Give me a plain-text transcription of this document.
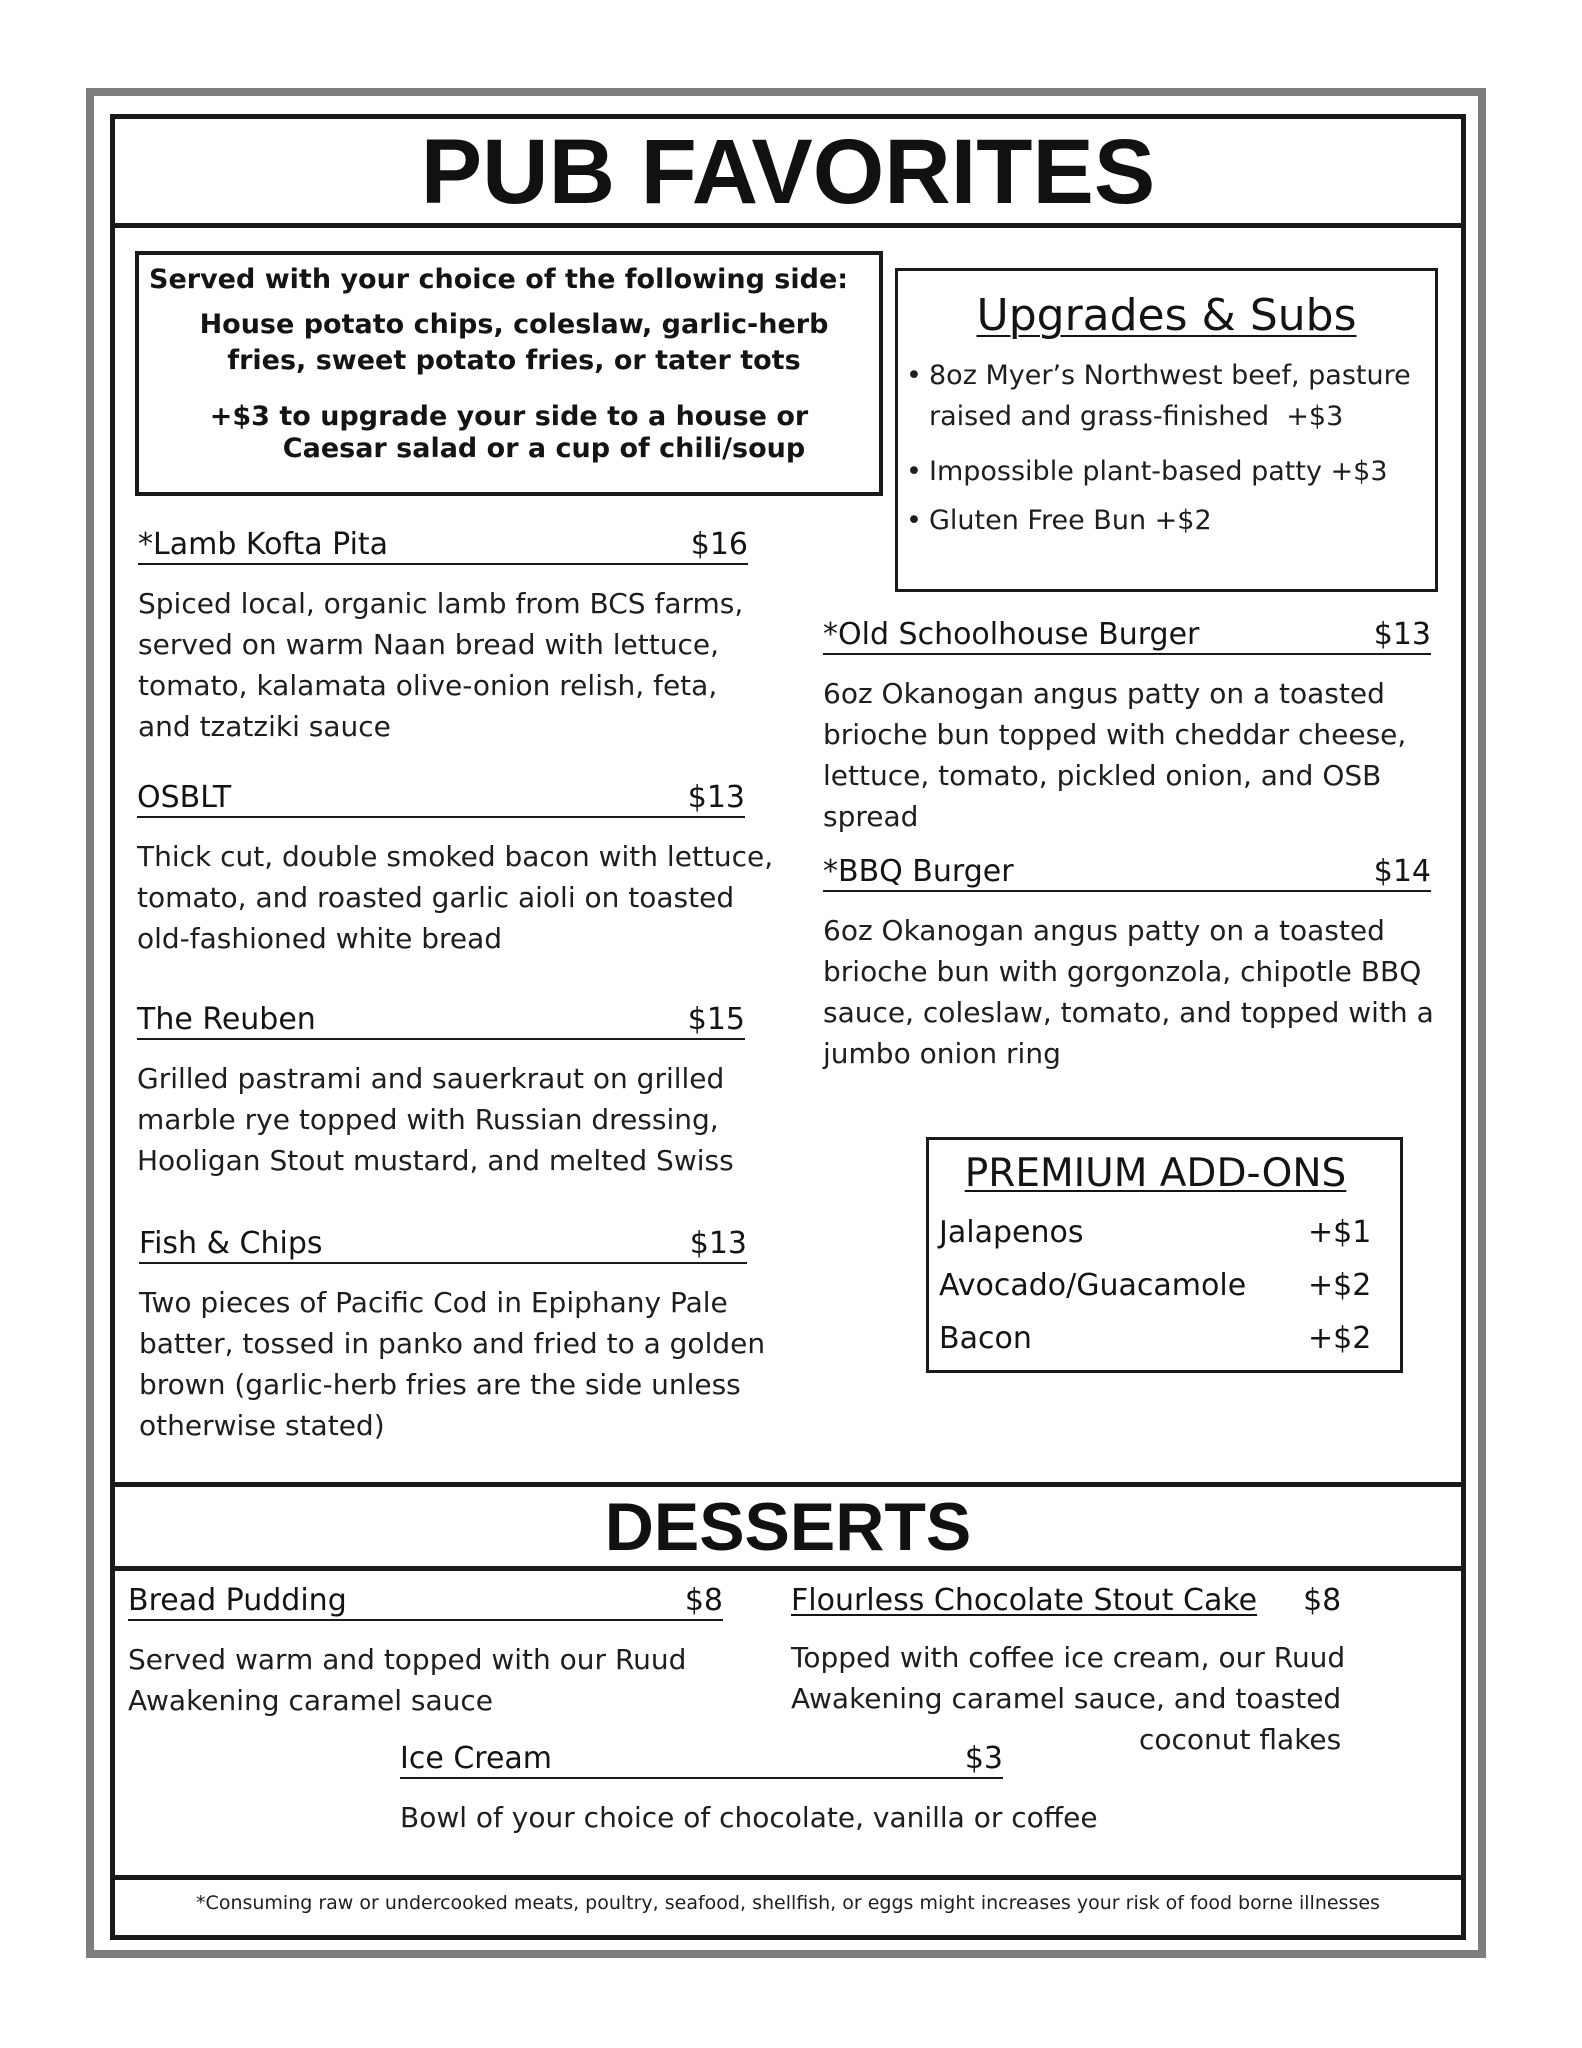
PUB FAVORITES
Served with your choice of the following side:
House potato chips, coleslaw, garlic-herb fries, sweet potato fries, or tater tots
+$3 to upgrade your side to a house or
Caesar salad or a cup of chili/soup
Upgrades & Subs
• 8oz Myer’s Northwest beef, pasture raised and grass-finished  +$3
• Impossible plant-based patty +$3
• Gluten Free Bun +$2
*Lamb Kofta Pita	$16
Spiced local, organic lamb from BCS farms, served on warm Naan bread with lettuce, tomato, kalamata olive-onion relish, feta, and tzatziki sauce
OSBLT	$13
Thick cut, double smoked bacon with lettuce, tomato, and roasted garlic aioli on toasted old-fashioned white bread
The Reuben	$15
Grilled pastrami and sauerkraut on grilled marble rye topped with Russian dressing, Hooligan Stout mustard, and melted Swiss
Fish & Chips	$13
Two pieces of Pacific Cod in Epiphany Pale batter, tossed in panko and fried to a golden brown (garlic-herb fries are the side unless otherwise stated)
*Old Schoolhouse Burger	$13
6oz Okanogan angus patty on a toasted brioche bun topped with cheddar cheese, lettuce, tomato, pickled onion, and OSB spread
*BBQ Burger	$14
6oz Okanogan angus patty on a toasted brioche bun with gorgonzola, chipotle BBQ sauce, coleslaw, tomato, and topped with a jumbo onion ring
PREMIUM ADD-ONS
Jalapenos	+$1
Avocado/Guacamole +$2
Bacon	+$2
DESSERTS
Bread Pudding	$8
Served warm and topped with our Ruud Awakening caramel sauce
Flourless Chocolate Stout Cake $8
Topped with coffee ice cream, our Ruud
Awakening caramel sauce, and toasted
coconut flakes
Ice Cream	$3
Bowl of your choice of chocolate, vanilla or coffee
*Consuming raw or undercooked meats, poultry, seafood, shellfish, or eggs might increases your risk of food borne illnesses
